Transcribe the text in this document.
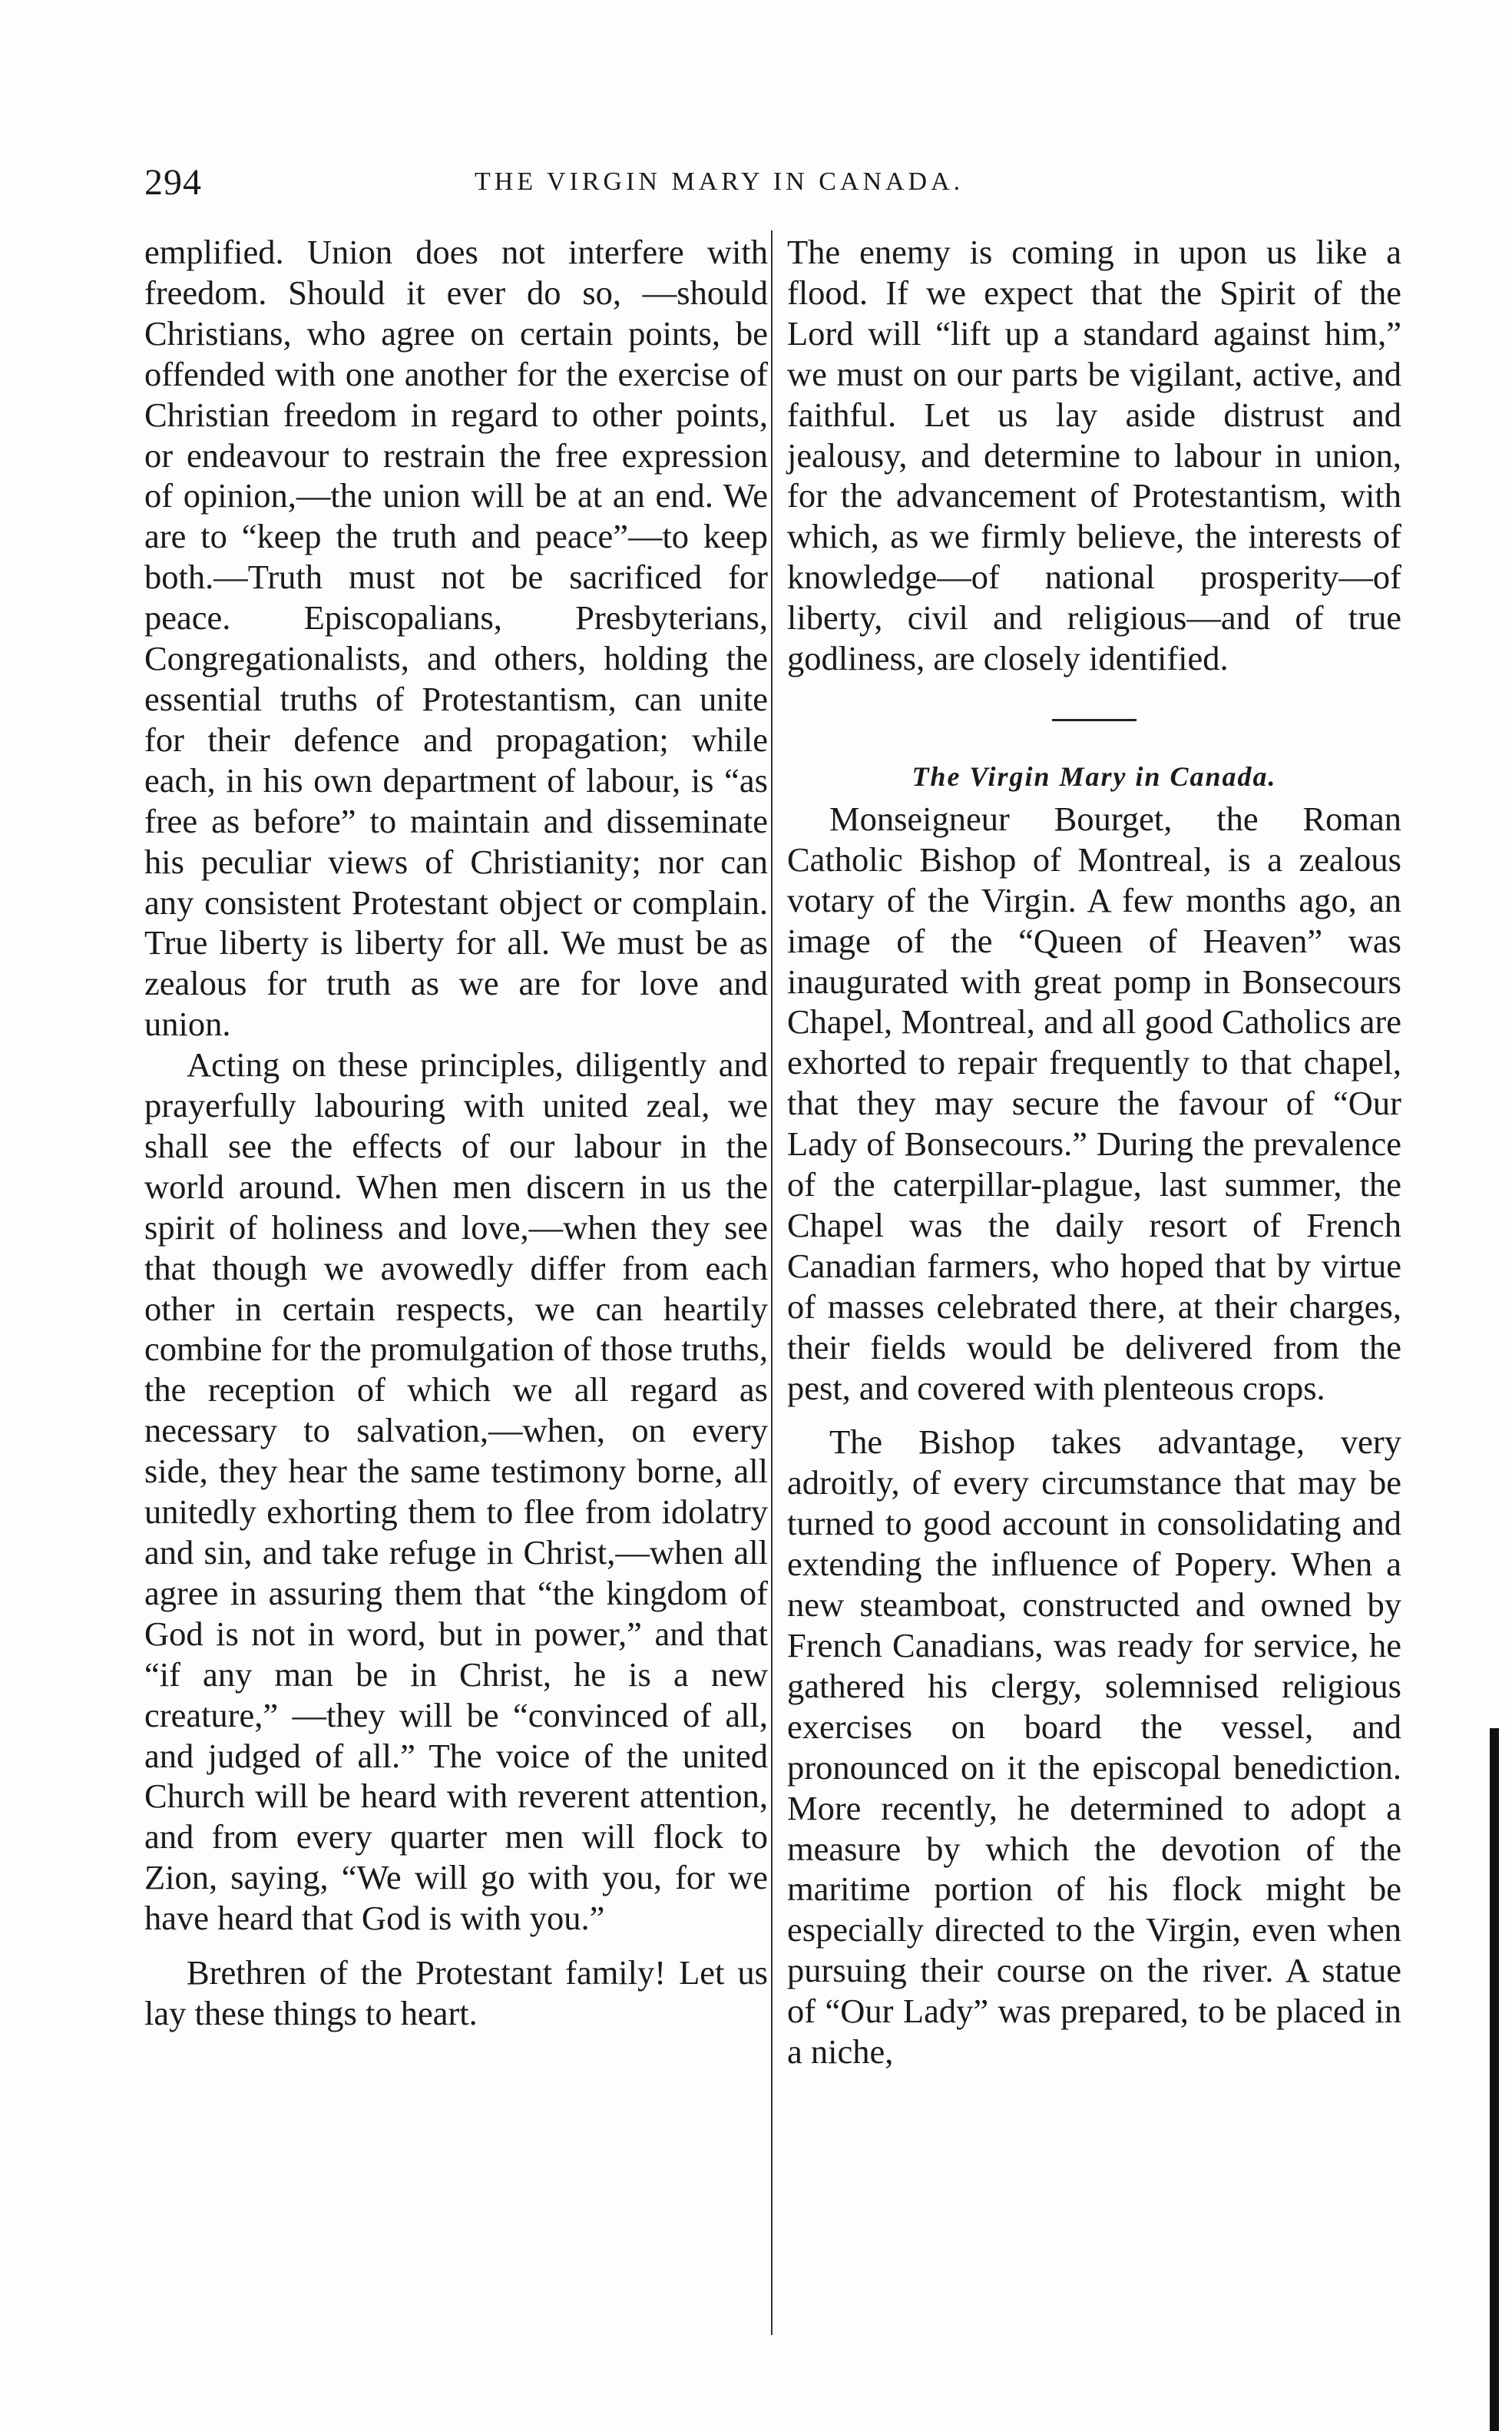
294	THE VIRGIN MARY IN CANADA.

emplified. Union does not interfere with freedom. Should it ever do so, —should Christians, who agree on certain points, be offended with one another for the exercise of Christian freedom in regard to other points, or endeavour to restrain the free expression of opinion,—the union will be at an end. We are to “keep the truth and peace”—to keep both.—Truth must not be sacrificed for peace. Episcopalians, Presbyterians, Congregationalists, and others, holding the essential truths of Protestantism, can unite for their defence and propagation; while each, in his own department of labour, is “as free as before” to maintain and disseminate his peculiar views of Christianity; nor can any consistent Protestant object or complain. True liberty is liberty for all. We must be as zealous for truth as we are for love and union.

Acting on these principles, diligently and prayerfully labouring with united zeal, we shall see the effects of our labour in the world around. When men discern in us the spirit of holiness and love,—when they see that though we avowedly differ from each other in certain respects, we can heartily combine for the promulgation of those truths, the reception of which we all regard as necessary to salvation,—when, on every side, they hear the same testimony borne, all unitedly exhorting them to flee from idolatry and sin, and take refuge in Christ,—when all agree in assuring them that “the kingdom of God is not in word, but in power,” and that “if any man be in Christ, he is a new creature,” —they will be “convinced of all, and judged of all.” The voice of the united Church will be heard with reverent attention, and from every quarter men will flock to Zion, saying, “We will go with you, for we have heard that God is with you.”

Brethren of the Protestant family! Let us lay these things to heart.

The enemy is coming in upon us like a flood. If we expect that the Spirit of the Lord will “lift up a standard against him,” we must on our parts be vigilant, active, and faithful. Let us lay aside distrust and jealousy, and determine to labour in union, for the advancement of Protestantism, with which, as we firmly believe, the interests of knowledge—of national prosperity—of liberty, civil and religious—and of true godliness, are closely identified.

The Virgin Mary in Canada.

Monseigneur Bourget, the Roman Catholic Bishop of Montreal, is a zealous votary of the Virgin. A few months ago, an image of the “Queen of Heaven” was inaugurated with great pomp in Bonsecours Chapel, Montreal, and all good Catholics are exhorted to repair frequently to that chapel, that they may secure the favour of “Our Lady of Bonsecours.” During the prevalence of the caterpillar-plague, last summer, the Chapel was the daily resort of French Canadian farmers, who hoped that by virtue of masses celebrated there, at their charges, their fields would be delivered from the pest, and covered with plenteous crops.

The Bishop takes advantage, very adroitly, of every circumstance that may be turned to good account in consolidating and extending the influence of Popery. When a new steamboat, constructed and owned by French Canadians, was ready for service, he gathered his clergy, solemnised religious exercises on board the vessel, and pronounced on it the episcopal benediction. More recently, he determined to adopt a measure by which the devotion of the maritime portion of his flock might be especially directed to the Virgin, even when pursuing their course on the river. A statue of “Our Lady” was prepared, to be placed in a niche,
